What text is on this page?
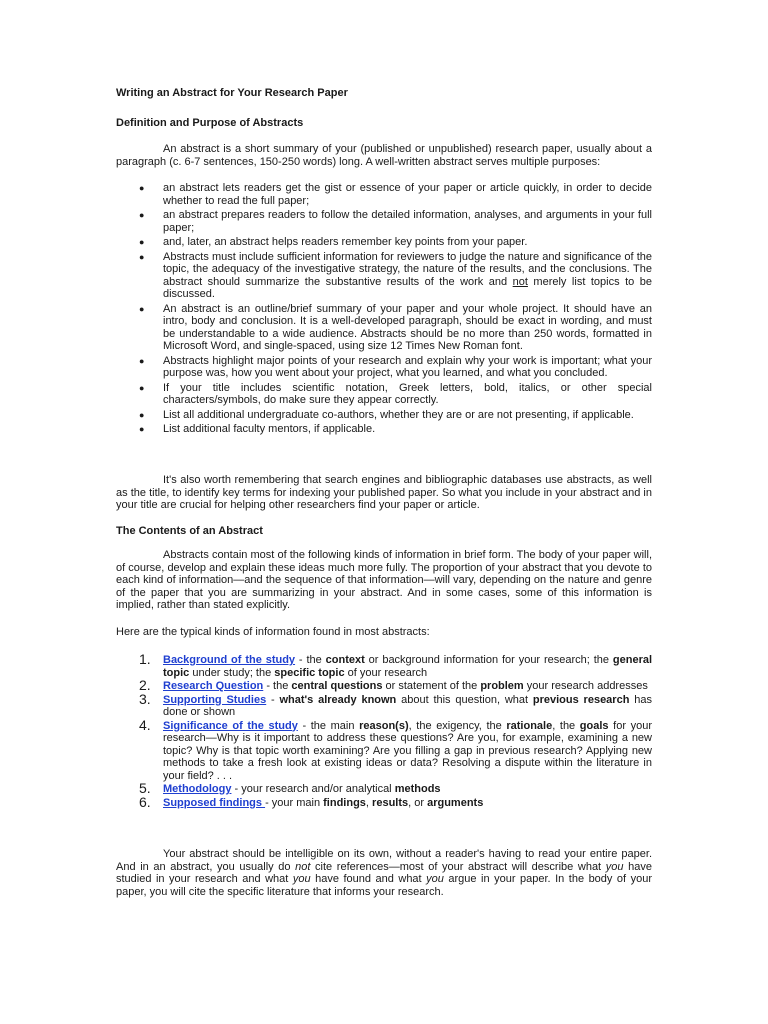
Writing an Abstract for Your Research Paper
Definition and Purpose of Abstracts

An abstract is a short summary of your (published or unpublished) research paper, usually about a paragraph (c. 6-7 sentences, 150-250 words) long. A well-written abstract serves multiple purposes:

● an abstract lets readers get the gist or essence of your paper or article quickly, in order to decide whether to read the full paper;
● an abstract prepares readers to follow the detailed information, analyses, and arguments in your full paper;
● and, later, an abstract helps readers remember key points from your paper.
● Abstracts must include sufficient information for reviewers to judge the nature and significance of the topic, the adequacy of the investigative strategy, the nature of the results, and the conclusions. The abstract should summarize the substantive results of the work and not merely list topics to be discussed.
● An abstract is an outline/brief summary of your paper and your whole project. It should have an intro, body and conclusion. It is a well-developed paragraph, should be exact in wording, and must be understandable to a wide audience. Abstracts should be no more than 250 words, formatted in Microsoft Word, and single-spaced, using size 12 Times New Roman font.
● Abstracts highlight major points of your research and explain why your work is important; what your purpose was, how you went about your project, what you learned, and what you concluded.
● If your title includes scientific notation, Greek letters, bold, italics, or other special characters/symbols, do make sure they appear correctly.
● List all additional undergraduate co-authors, whether they are or are not presenting, if applicable.
● List additional faculty mentors, if applicable.

It's also worth remembering that search engines and bibliographic databases use abstracts, as well as the title, to identify key terms for indexing your published paper. So what you include in your abstract and in your title are crucial for helping other researchers find your paper or article.

The Contents of an Abstract

Abstracts contain most of the following kinds of information in brief form. The body of your paper will, of course, develop and explain these ideas much more fully. The proportion of your abstract that you devote to each kind of information—and the sequence of that information—will vary, depending on the nature and genre of the paper that you are summarizing in your abstract. And in some cases, some of this information is implied, rather than stated explicitly.

Here are the typical kinds of information found in most abstracts:

1. Background of the study - the context or background information for your research; the general topic under study; the specific topic of your research
2. Research Question - the central questions or statement of the problem your research addresses
3. Supporting Studies - what's already known about this question, what previous research has done or shown
4. Significance of the study - the main reason(s), the exigency, the rationale, the goals for your research—Why is it important to address these questions? Are you, for example, examining a new topic? Why is that topic worth examining? Are you filling a gap in previous research? Applying new methods to take a fresh look at existing ideas or data? Resolving a dispute within the literature in your field? . . .
5. Methodology - your research and/or analytical methods
6. Supposed findings - your main findings, results, or arguments

Your abstract should be intelligible on its own, without a reader's having to read your entire paper. And in an abstract, you usually do not cite references—most of your abstract will describe what you have studied in your research and what you have found and what you argue in your paper. In the body of your paper, you will cite the specific literature that informs your research.
